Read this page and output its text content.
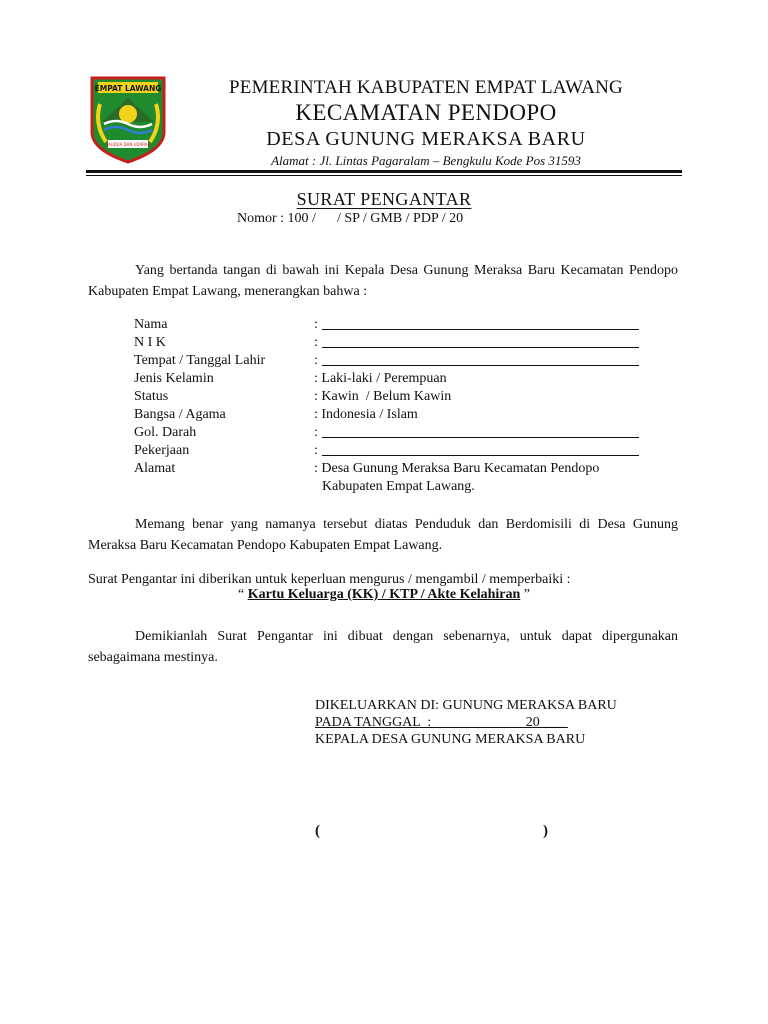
EMPAT LAWANG
SAUDUA DAN UDARAH
PEMERINTAH KABUPATEN EMPAT LAWANG
KECAMATAN PENDOPO
DESA GUNUNG MERAKSA BARU
Alamat : Jl. Lintas Pagaralam – Bengkulu Kode Pos 31593
SURAT PENGANTAR
Nomor : 100 /      / SP / GMB / PDP / 20
Yang bertanda tangan di bawah ini Kepala Desa Gunung Meraksa Baru Kecamatan Pendopo Kabupaten Empat Lawang, menerangkan bahwa :
Nama	:
N I K	:
Tempat / Tanggal Lahir	:
Jenis Kelamin	: Laki-laki / Perempuan
Status	: Kawin  / Belum Kawin
Bangsa / Agama	: Indonesia / Islam
Gol. Darah	:
Pekerjaan	:
Alamat	: Desa Gunung Meraksa Baru Kecamatan Pendopo
Kabupaten Empat Lawang.
Memang benar yang namanya tersebut diatas Penduduk dan Berdomisili di Desa Gunung Meraksa Baru Kecamatan Pendopo Kabupaten Empat Lawang.
Surat Pengantar ini diberikan untuk keperluan mengurus / mengambil / memperbaiki :
“ Kartu Keluarga (KK) / KTP / Akte Kelahiran ”
Demikianlah Surat Pengantar ini dibuat dengan sebenarnya, untuk dapat dipergunakan sebagaimana mestinya.
DIKELUARKAN DI: GUNUNG MERAKSA BARU
PADA TANGGAL  :                           20____
KEPALA DESA GUNUNG MERAKSA BARU
(	)
